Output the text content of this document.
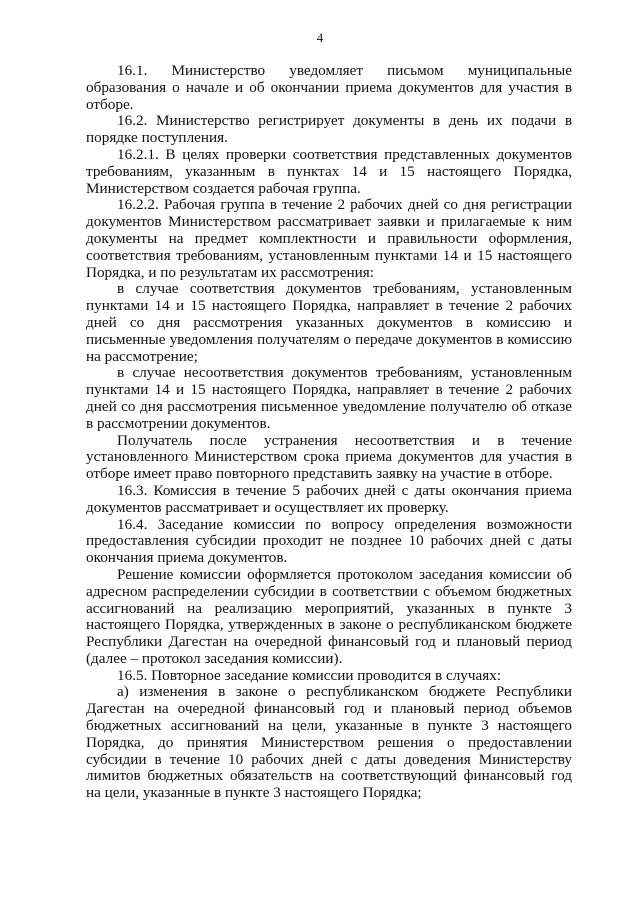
4

16.1. Министерство уведомляет письмом муниципальные образования о начале и об окончании приема документов для участия в отборе.

16.2. Министерство регистрирует документы в день их подачи в порядке поступления.

16.2.1. В целях проверки соответствия представленных документов требованиям, указанным в пунктах 14 и 15 настоящего Порядка, Министерством создается рабочая группа.

16.2.2. Рабочая группа в течение 2 рабочих дней со дня регистрации документов Министерством рассматривает заявки и прилагаемые к ним документы на предмет комплектности и правильности оформления, соответствия требованиям, установленным пунктами 14 и 15 настоящего Порядка, и по результатам их рассмотрения:

в случае соответствия документов требованиям, установленным пунктами 14 и 15 настоящего Порядка, направляет в течение 2 рабочих дней со дня рассмотрения указанных документов в комиссию и письменные уведомления получателям о передаче документов в комиссию на рассмотрение;

в случае несоответствия документов требованиям, установленным пунктами 14 и 15 настоящего Порядка, направляет в течение 2 рабочих дней со дня рассмотрения письменное уведомление получателю об отказе в рассмотрении документов.

Получатель после устранения несоответствия и в течение установленного Министерством срока приема документов для участия в отборе имеет право повторного представить заявку на участие в отборе.

16.3. Комиссия в течение 5 рабочих дней с даты окончания приема документов рассматривает и осуществляет их проверку.

16.4. Заседание комиссии по вопросу определения возможности предоставления субсидии проходит не позднее 10 рабочих дней с даты окончания приема документов.

Решение комиссии оформляется протоколом заседания комиссии об адресном распределении субсидии в соответствии с объемом бюджетных ассигнований на реализацию мероприятий, указанных в пункте 3 настоящего Порядка, утвержденных в законе о республиканском бюджете Республики Дагестан на очередной финансовый год и плановый период (далее – протокол заседания комиссии).

16.5. Повторное заседание комиссии проводится в случаях:

а) изменения в законе о республиканском бюджете Республики Дагестан на очередной финансовый год и плановый период объемов бюджетных ассигнований на цели, указанные в пункте 3 настоящего Порядка, до принятия Министерством решения о предоставлении субсидии в течение 10 рабочих дней с даты доведения Министерству лимитов бюджетных обязательств на соответствующий финансовый год на цели, указанные в пункте 3 настоящего Порядка;
